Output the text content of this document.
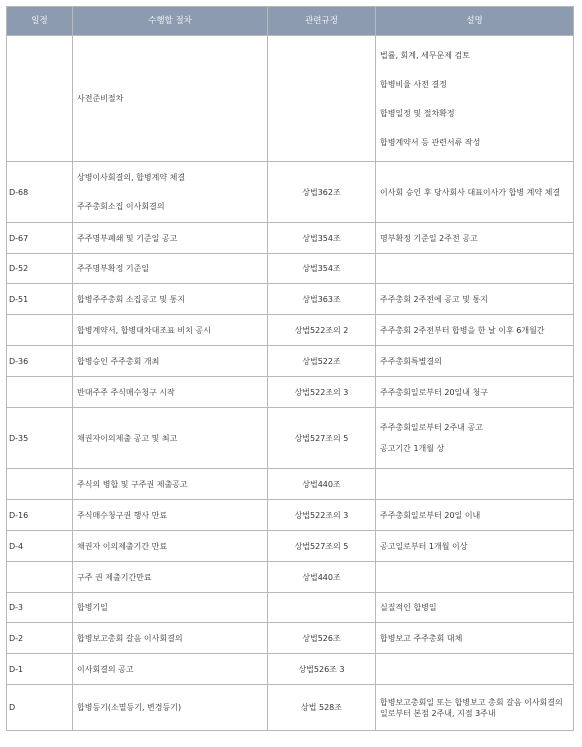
일정	수행할 절차	관련규정	설명

	사전준비절차		법률, 회계, 세무문제 검토
합병비율 사전 결정
합병일정 및 절차확정
합병계약서 등 관련서류 작성

D-68	상병이사회결의, 합병계약 체결
주주총회소집 이사회결의	상법362조	이사회 승인 후 당사회사 대표이사가 합병 계약 체결

D-67	주주명부폐쇄 및 기준일 공고	상법354조	명부확정 기준일 2주전 공고

D-52	주주명부확정 기준일	상법354조	
D-51	합병주주총회 소집공고 및 통지	상법363조	주주총회 2주전에 공고 및 통지

	합병계약서, 합병대차대조표 비치 공시	상법522조의 2	주주총회 2주전부터 합병을 한 날 이후 6개월간

D-36	합병승인 주주총회 개최	상법522조	주주총회특별결의

	반대주주 주식매수청구 시작	상법522조의 3	주주총회일로부터 20일내 청구

D-35	채권자이의제출 공고 및 최고	상법527조의 5	주주총회일로부터 2주내 공고
공고기간 1개월 상

	주식의 병합 및 구주권 제출공고	상법440조	
D-16	주식매수청구권 행사 만료	상법522조의 3	주주총회일로부터 20일 이내

D-4	채권자 이의제출기간 만료	상법527조의 5	공고일로부터 1개월 이상

	구주 권 제출기간만료	상법440조	
D-3	합병기일		실질적인 합병일

D-2	합병보고총회 갈음 이사회결의	상법526조	합병보고 주주총회 대체

D-1	이사회결의 공고	상법526조 3	
D	합병등기(소멸등기, 변경등기)	상법 528조	합병보고총회일 또는 합병보고 총회 갈음 이사회결의일로부터 본점 2주내, 지점 3주내
